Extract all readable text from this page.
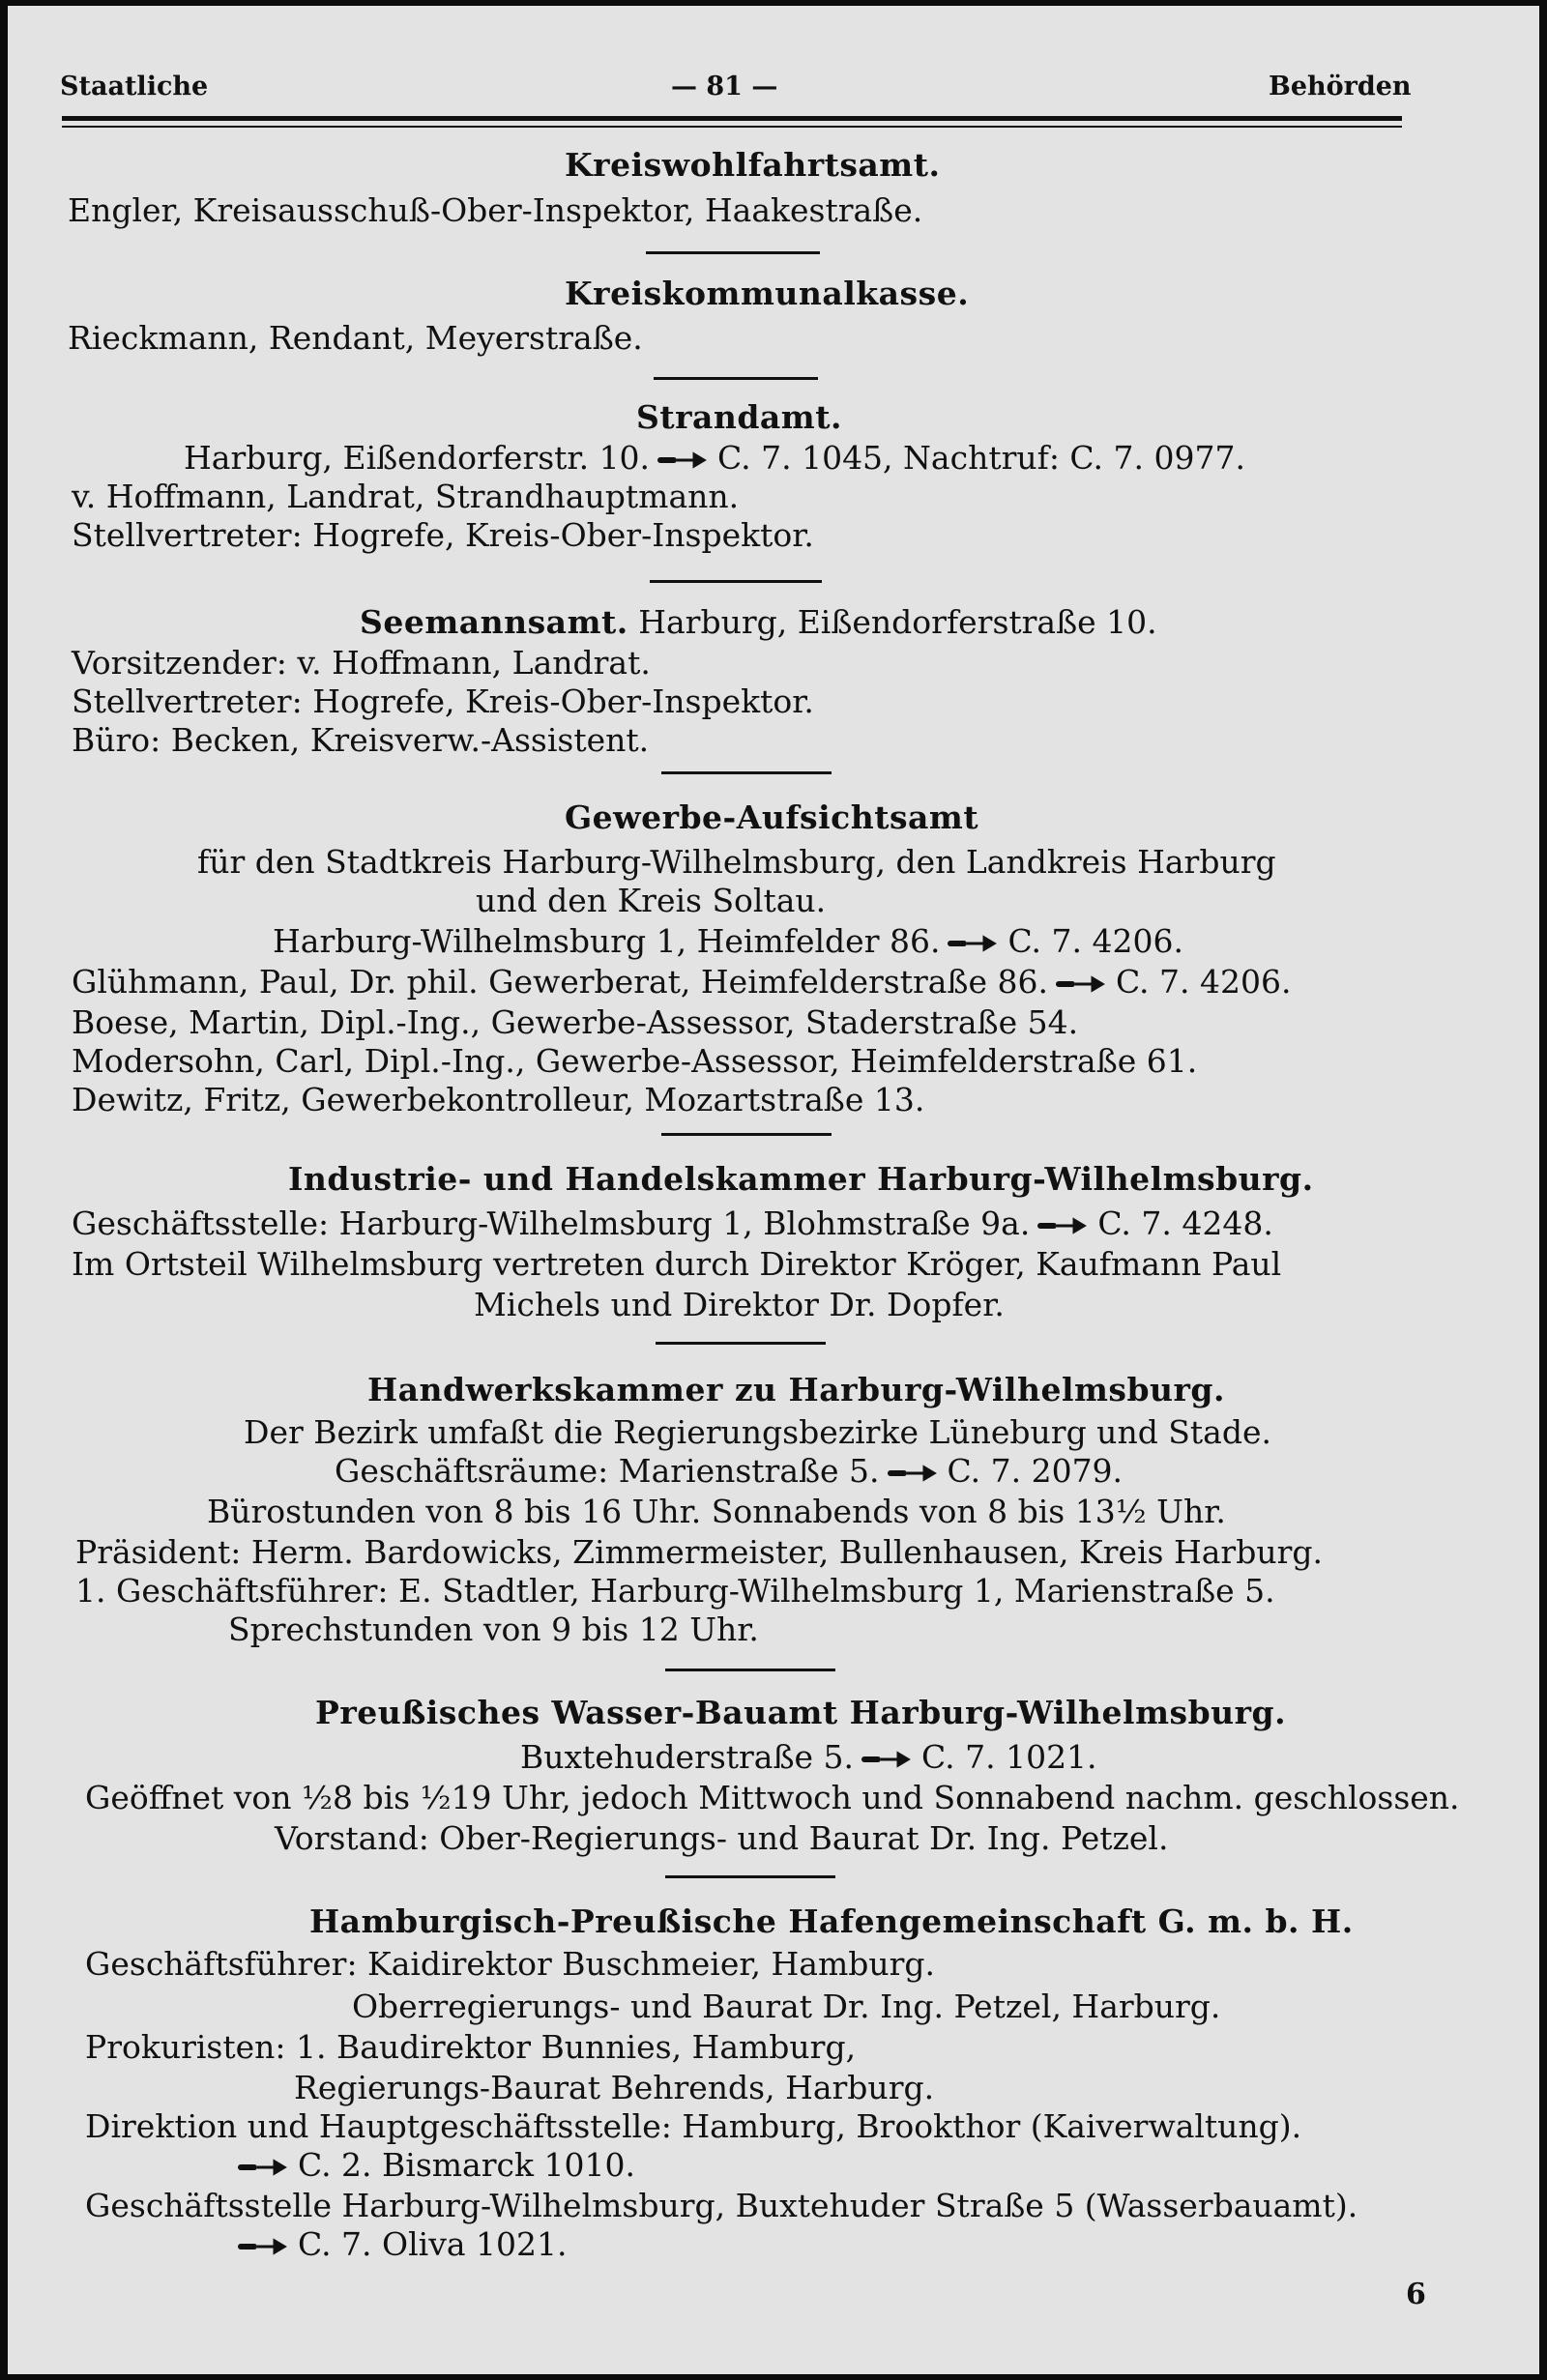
Staatliche	— 81 —	Behörden
Kreiswohlfahrtsamt.
Engler, Kreisausschuß-Ober-Inspektor, Haakestraße.
Kreiskommunalkasse.
Rieckmann, Rendant, Meyerstraße.
Strandamt.
Harburg, Eißendorferstr. 10. C. 7. 1045, Nachtruf: C. 7. 0977.
v. Hoffmann, Landrat, Strandhauptmann.
Stellvertreter: Hogrefe, Kreis-Ober-Inspektor.
Seemannsamt. Harburg, Eißendorferstraße 10.
Vorsitzender: v. Hoffmann, Landrat.
Stellvertreter: Hogrefe, Kreis-Ober-Inspektor.
Büro: Becken, Kreisverw.-Assistent.
Gewerbe-Aufsichtsamt
für den Stadtkreis Harburg-Wilhelmsburg, den Landkreis Harburg
und den Kreis Soltau.
Harburg-Wilhelmsburg 1, Heimfelder 86. C. 7. 4206.
Glühmann, Paul, Dr. phil. Gewerberat, Heimfelderstraße 86. C. 7. 4206.
Boese, Martin, Dipl.-Ing., Gewerbe-Assessor, Staderstraße 54.
Modersohn, Carl, Dipl.-Ing., Gewerbe-Assessor, Heimfelderstraße 61.
Dewitz, Fritz, Gewerbekontrolleur, Mozartstraße 13.
Industrie- und Handelskammer Harburg-Wilhelmsburg.
Geschäftsstelle: Harburg-Wilhelmsburg 1, Blohmstraße 9a. C. 7. 4248.
Im Ortsteil Wilhelmsburg vertreten durch Direktor Kröger, Kaufmann Paul
Michels und Direktor Dr. Dopfer.
Handwerkskammer zu Harburg-Wilhelmsburg.
Der Bezirk umfaßt die Regierungsbezirke Lüneburg und Stade.
Geschäftsräume: Marienstraße 5. C. 7. 2079.
Bürostunden von 8 bis 16 Uhr. Sonnabends von 8 bis 13½ Uhr.
Präsident: Herm. Bardowicks, Zimmermeister, Bullenhausen, Kreis Harburg.
1. Geschäftsführer: E. Stadtler, Harburg-Wilhelmsburg 1, Marienstraße 5.
Sprechstunden von 9 bis 12 Uhr.
Preußisches Wasser-Bauamt Harburg-Wilhelmsburg.
Buxtehuderstraße 5. C. 7. 1021.
Geöffnet von ½8 bis ½19 Uhr, jedoch Mittwoch und Sonnabend nachm. geschlossen.
Vorstand: Ober-Regierungs- und Baurat Dr. Ing. Petzel.
Hamburgisch-Preußische Hafengemeinschaft G. m. b. H.
Geschäftsführer: Kaidirektor Buschmeier, Hamburg.
Oberregierungs- und Baurat Dr. Ing. Petzel, Harburg.
Prokuristen: 1. Baudirektor Bunnies, Hamburg,
Regierungs-Baurat Behrends, Harburg.
Direktion und Hauptgeschäftsstelle: Hamburg, Brookthor (Kaiverwaltung).
C. 2. Bismarck 1010.
Geschäftsstelle Harburg-Wilhelmsburg, Buxtehuder Straße 5 (Wasserbauamt).
C. 7. Oliva 1021.
6
